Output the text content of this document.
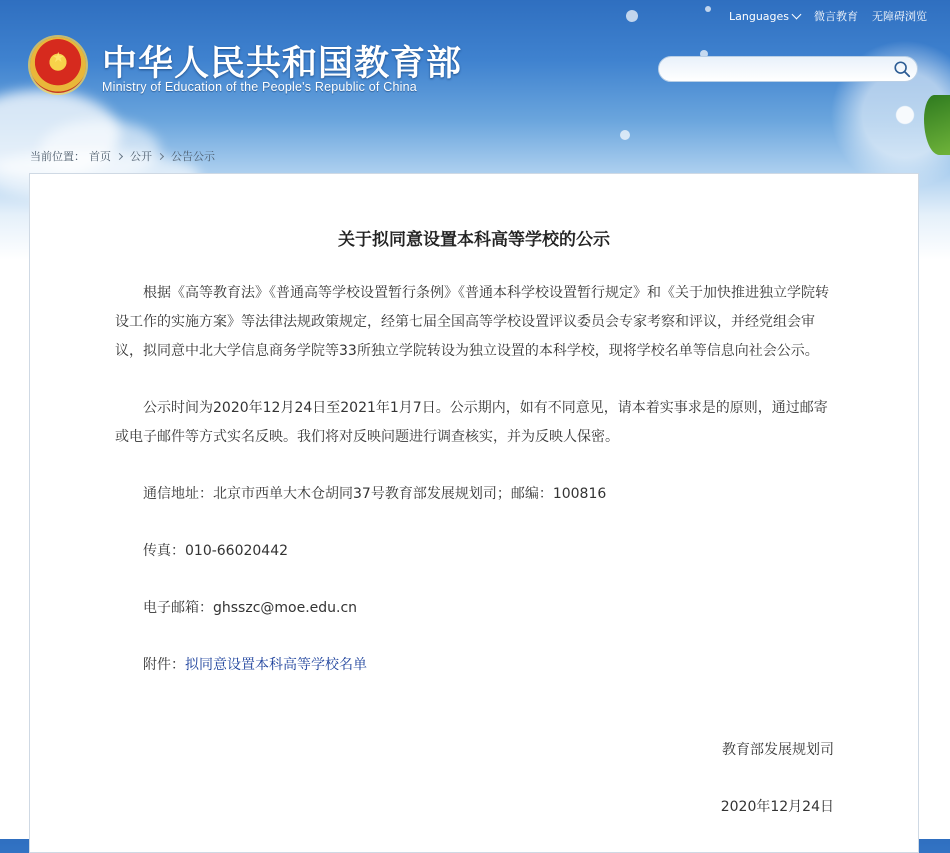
Languages 微言教育 无障碍浏览
★ 中华人民共和国教育部
Ministry of Education of the People's Republic of China
当前位置： 首页 公开 公告公示
关于拟同意设置本科高等学校的公示

根据《高等教育法》《普通高等学校设置暂行条例》《普通本科学校设置暂行规定》和《关于加快推进独立学院转设工作的实施方案》等法律法规政策规定，经第七届全国高等学校设置评议委员会专家考察和评议，并经党组会审议，拟同意中北大学信息商务学院等33所独立学院转设为独立设置的本科学校，现将学校名单等信息向社会公示。

公示时间为2020年12月24日至2021年1月7日。公示期内，如有不同意见，请本着实事求是的原则，通过邮寄或电子邮件等方式实名反映。我们将对反映问题进行调查核实，并为反映人保密。

通信地址：北京市西单大木仓胡同37号教育部发展规划司；邮编：100816

传真：010-66020442

电子邮箱：ghsszc@moe.edu.cn

附件：拟同意设置本科高等学校名单

教育部发展规划司
2020年12月24日
